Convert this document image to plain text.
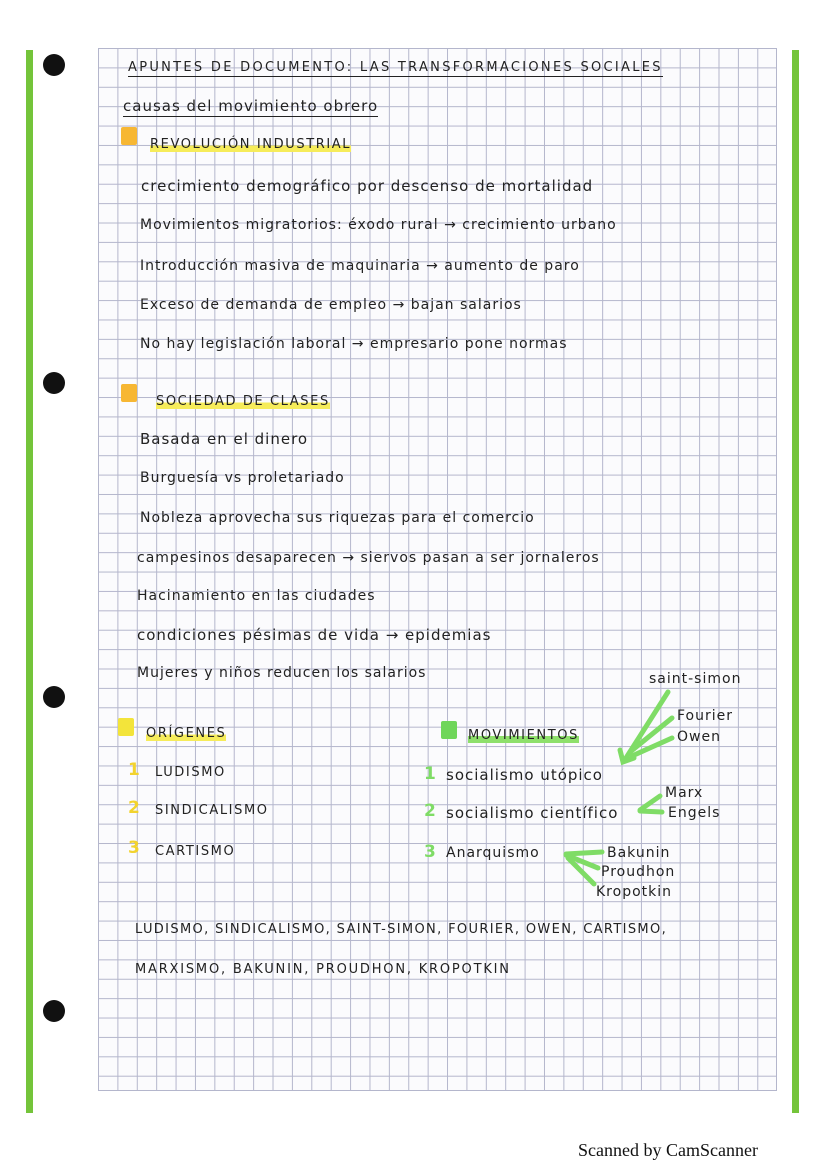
APUNTES DE DOCUMENTO: LAS TRANSFORMACIONES SOCIALES
causas del movimiento obrero
REVOLUCIÓN INDUSTRIAL
crecimiento demográfico por descenso de mortalidad
Movimientos migratorios: éxodo rural → crecimiento urbano
Introducción masiva de maquinaria → aumento de paro
Exceso de demanda de empleo → bajan salarios
No hay legislación laboral → empresario pone normas
SOCIEDAD DE CLASES
Basada en el dinero
Burguesía vs proletariado
Nobleza aprovecha sus riquezas para el comercio
campesinos desaparecen → siervos pasan a ser jornaleros
Hacinamiento en las ciudades
condiciones pésimas de vida → epidemias
Mujeres y niños reducen los salarios
ORÍGENES
1 LUDISMO
2 SINDICALISMO
3 CARTISMO
MOVIMIENTOS
1 socialismo utópico
2 socialismo científico
3 Anarquismo
saint-simon
Fourier
Owen
Marx
Engels
Bakunin
Proudhon
Kropotkin
LUDISMO, SINDICALISMO, SAINT-SIMON, FOURIER, OWEN, CARTISMO,
MARXISMO, BAKUNIN, PROUDHON, KROPOTKIN
Scanned by CamScanner
